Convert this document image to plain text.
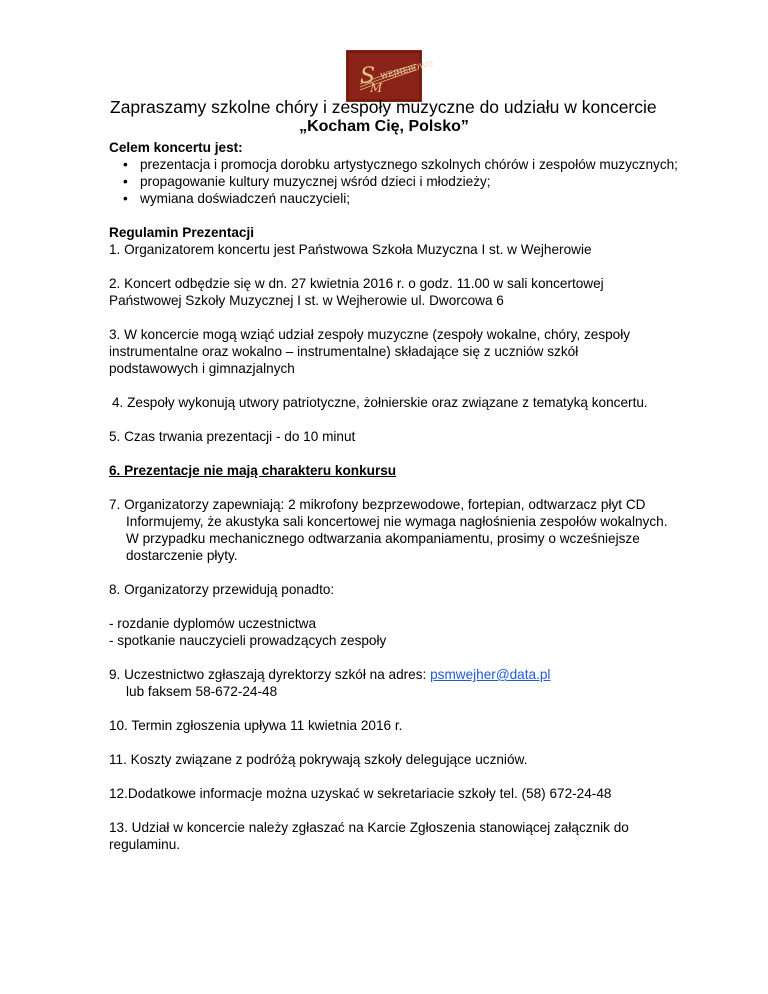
S
M
WEJHEROWO
Zapraszamy szkolne chóry i zespoły muzyczne do udziału w koncercie
„Kocham Cię, Polsko”

Celem koncertu jest:

• prezentacja i promocja dorobku artystycznego szkolnych chórów i zespołów muzycznych;
• propagowanie kultury muzycznej wśród dzieci i młodzieży;
• wymiana doświadczeń nauczycieli;

Regulamin Prezentacji

1. Organizatorem koncertu jest Państwowa Szkoła Muzyczna I st. w Wejherowie

2. Koncert odbędzie się w dn. 27 kwietnia 2016 r. o godz. 11.00 w sali koncertowej

Państwowej Szkoły Muzycznej I st. w Wejherowie ul. Dworcowa 6

3. W koncercie mogą wziąć udział zespoły muzyczne (zespoły wokalne, chóry, zespoły

instrumentalne oraz wokalno – instrumentalne) składające się z uczniów szkół

podstawowych i gimnazjalnych

4. Zespoły wykonują utwory patriotyczne, żołnierskie oraz związane z tematyką koncertu.

5. Czas trwania prezentacji - do 10 minut

6. Prezentacje nie mają charakteru konkursu

7. Organizatorzy zapewniają: 2 mikrofony bezprzewodowe, fortepian, odtwarzacz płyt CD

Informujemy, że akustyka sali koncertowej nie wymaga nagłośnienia zespołów wokalnych.

W przypadku mechanicznego odtwarzania akompaniamentu, prosimy o wcześniejsze

dostarczenie płyty.

8. Organizatorzy przewidują ponadto:

- rozdanie dyplomów uczestnictwa

- spotkanie nauczycieli prowadzących zespoły

9. Uczestnictwo zgłaszają dyrektorzy szkół na adres: psmwejher@data.pl

lub faksem 58-672-24-48

10. Termin zgłoszenia upływa 11 kwietnia 2016 r.

11. Koszty związane z podróżą pokrywają szkoły delegujące uczniów.

12.Dodatkowe informacje można uzyskać w sekretariacie szkoły tel. (58) 672-24-48

13. Udział w koncercie należy zgłaszać na Karcie Zgłoszenia stanowiącej załącznik do

regulaminu.
